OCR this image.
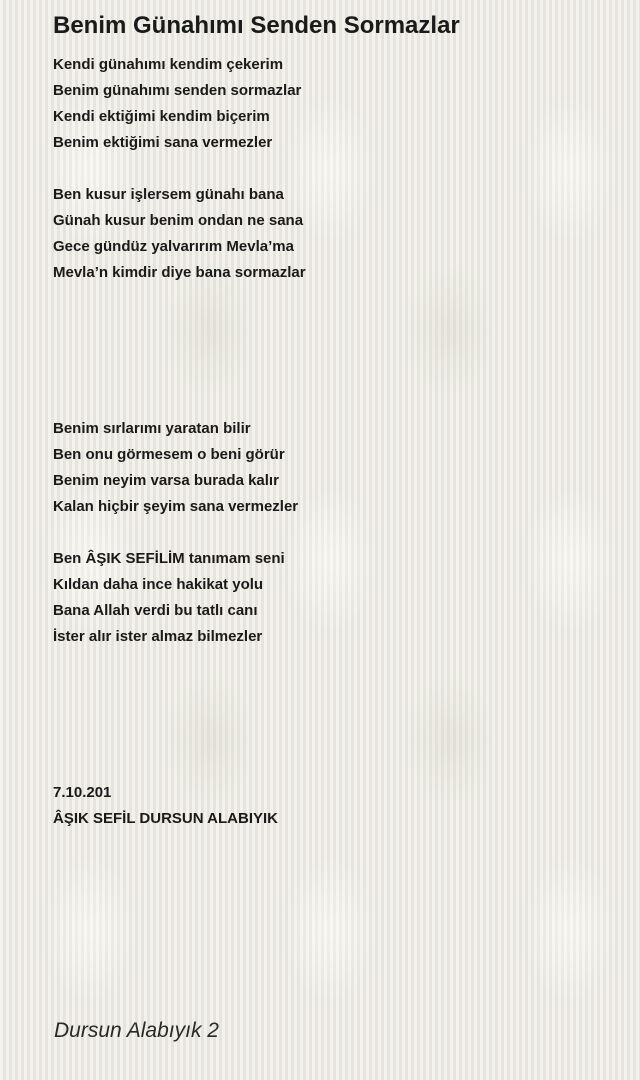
Benim Günahımı Senden Sormazlar
Kendi günahımı kendim çekerim
Benim günahımı senden sormazlar
Kendi ektiğimi kendim biçerim
Benim ektiğimi sana vermezler
Ben kusur işlersem günahı bana
Günah kusur benim ondan ne sana
Gece gündüz yalvarırım Mevla’ma
Mevla’n kimdir diye bana sormazlar
Benim sırlarımı yaratan bilir
Ben onu görmesem o beni görür
Benim neyim varsa burada kalır
Kalan hiçbir şeyim sana vermezler
Ben ÂŞIK SEFİLİM tanımam seni
Kıldan daha ince hakikat yolu
Bana Allah verdi bu tatlı canı
İster alır ister almaz bilmezler
7.10.201
ÂŞIK SEFİL DURSUN ALABIYIK
Dursun Alabıyık 2
